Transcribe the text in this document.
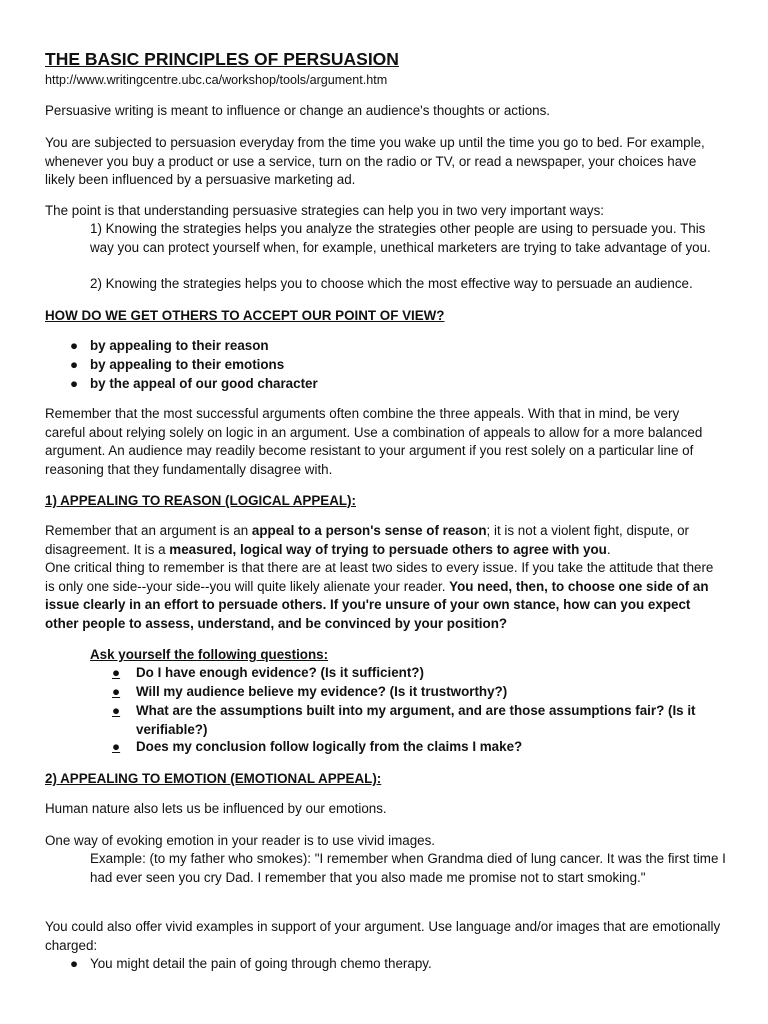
THE BASIC PRINCIPLES OF PERSUASION
http://www.writingcentre.ubc.ca/workshop/tools/argument.htm

Persuasive writing is meant to influence or change an audience's thoughts or actions.

You are subjected to persuasion everyday from the time you wake up until the time you go to bed. For example, whenever you buy a product or use a service, turn on the radio or TV, or read a newspaper, your choices have likely been influenced by a persuasive marketing ad.

The point is that understanding persuasive strategies can help you in two very important ways:

1) Knowing the strategies helps you analyze the strategies other people are using to persuade you. This way you can protect yourself when, for example, unethical marketers are trying to take advantage of you.

2) Knowing the strategies helps you to choose which the most effective way to persuade an audience.

HOW DO WE GET OTHERS TO ACCEPT OUR POINT OF VIEW?
● by appealing to their reason
● by appealing to their emotions
● by the appeal of our good character

Remember that the most successful arguments often combine the three appeals. With that in mind, be very careful about relying solely on logic in an argument. Use a combination of appeals to allow for a more balanced argument. An audience may readily become resistant to your argument if you rest solely on a particular line of reasoning that they fundamentally disagree with.

1) APPEALING TO REASON (LOGICAL APPEAL):

Remember that an argument is an appeal to a person's sense of reason; it is not a violent fight, dispute, or disagreement. It is a measured, logical way of trying to persuade others to agree with you.
One critical thing to remember is that there are at least two sides to every issue. If you take the attitude that there is only one side--your side--you will quite likely alienate your reader. You need, then, to choose one side of an issue clearly in an effort to persuade others. If you're unsure of your own stance, how can you expect other people to assess, understand, and be convinced by your position?

Ask yourself the following questions:
●	Do I have enough evidence? (Is it sufficient?)
●	Will my audience believe my evidence? (Is it trustworthy?)
●	What are the assumptions built into my argument, and are those assumptions fair? (Is it verifiable?)
●	Does my conclusion follow logically from the claims I make?
2) APPEALING TO EMOTION (EMOTIONAL APPEAL):

Human nature also lets us be influenced by our emotions.

One way of evoking emotion in your reader is to use vivid images.

Example: (to my father who smokes): "I remember when Grandma died of lung cancer. It was the first time I had ever seen you cry Dad. I remember that you also made me promise not to start smoking."

You could also offer vivid examples in support of your argument. Use language and/or images that are emotionally charged:

● You might detail the pain of going through chemo therapy.
